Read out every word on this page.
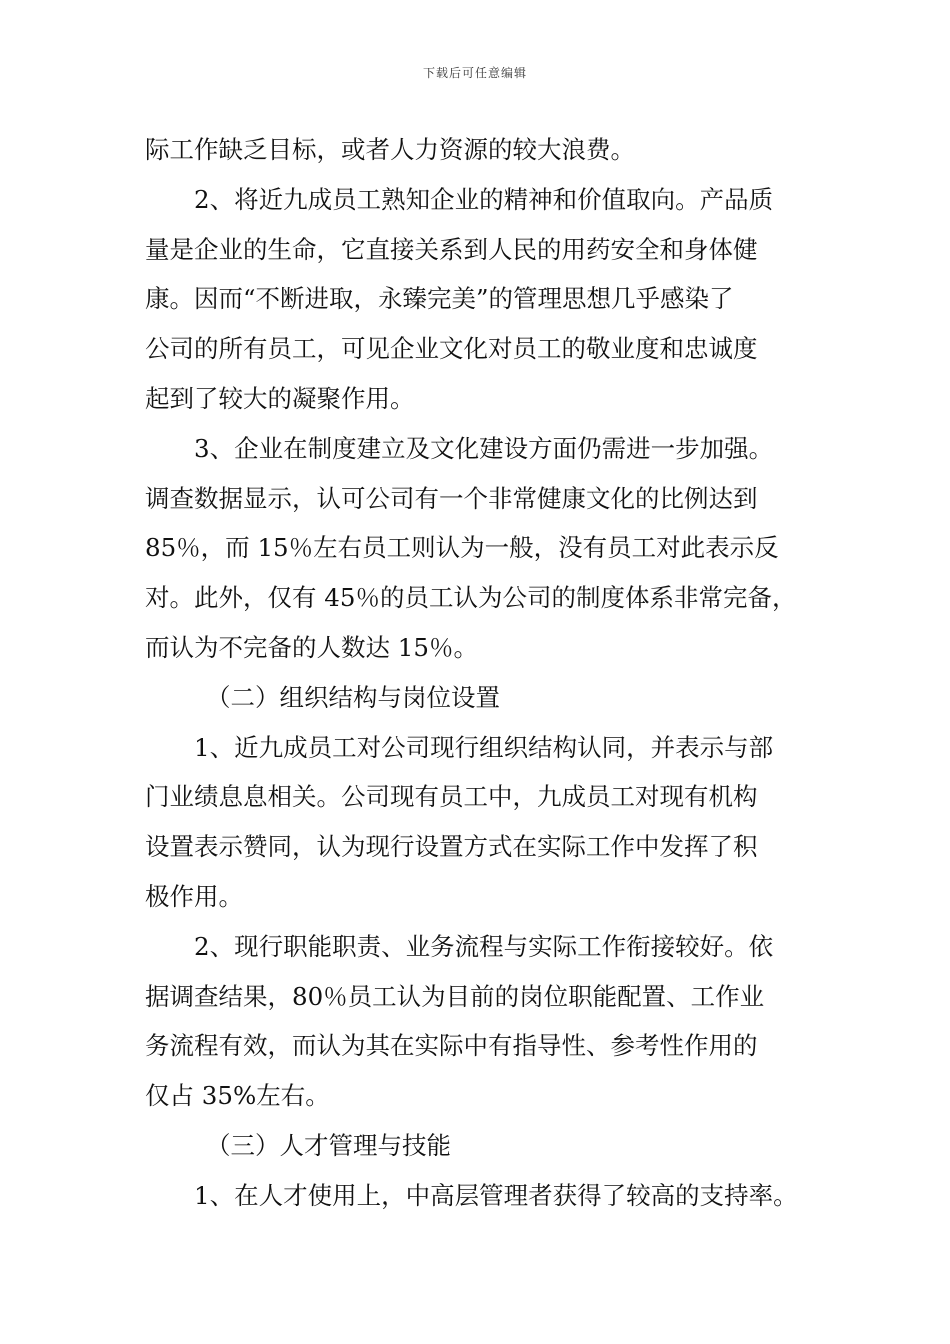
下载后可任意编辑
际工作缺乏目标，或者人力资源的较大浪费。
2、将近九成员工熟知企业的精神和价值取向。产品质
量是企业的生命，它直接关系到人民的用药安全和身体健
康。因而“不断进取，永臻完美”的管理思想几乎感染了
公司的所有员工，可见企业文化对员工的敬业度和忠诚度
起到了较大的凝聚作用。
3、企业在制度建立及文化建设方面仍需进一步加强。
调查数据显示，认可公司有一个非常健康文化的比例达到
85％，而 15％左右员工则认为一般，没有员工对此表示反
对。此外，仅有 45％的员工认为公司的制度体系非常完备，
而认为不完备的人数达 15％。
（二）组织结构与岗位设置
1、近九成员工对公司现行组织结构认同，并表示与部
门业绩息息相关。公司现有员工中，九成员工对现有机构
设置表示赞同，认为现行设置方式在实际工作中发挥了积
极作用。
2、现行职能职责、业务流程与实际工作衔接较好。依
据调查结果，80％员工认为目前的岗位职能配置、工作业
务流程有效，而认为其在实际中有指导性、参考性作用的
仅占 35%左右。
（三）人才管理与技能
1、在人才使用上，中高层管理者获得了较高的支持率。
